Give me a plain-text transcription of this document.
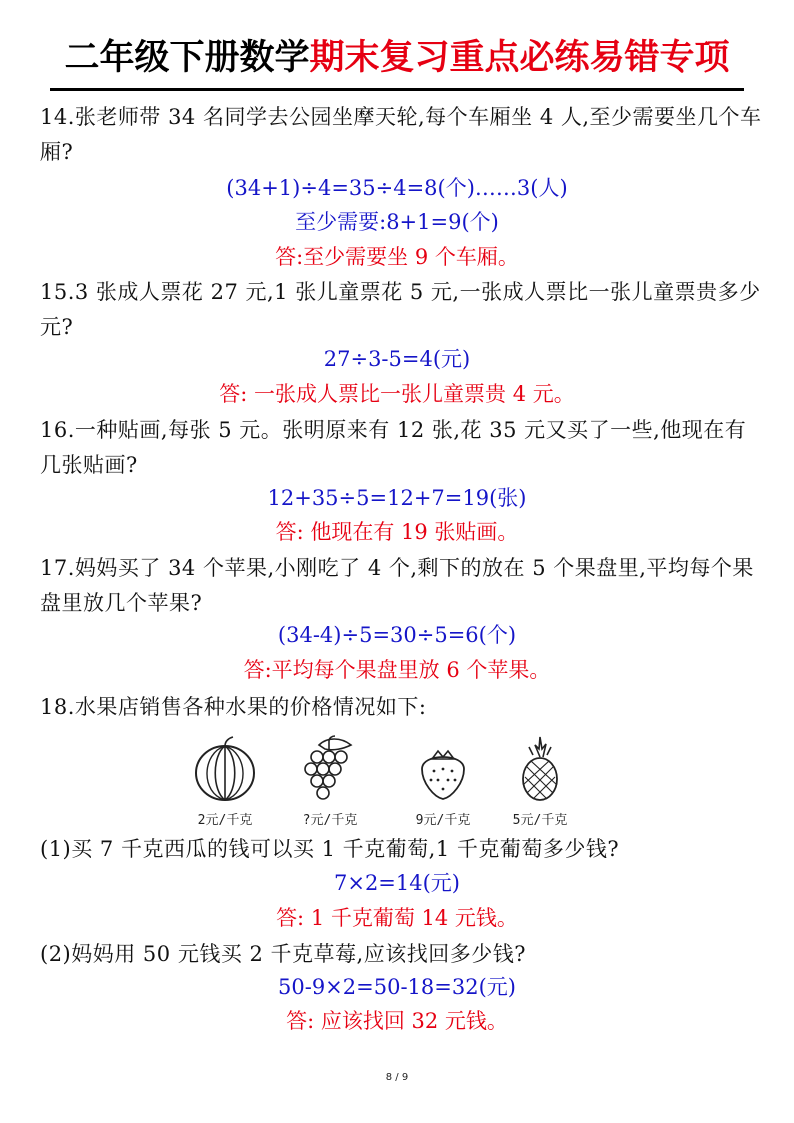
二年级下册数学期末复习重点必练易错专项
14.张老师带 34 名同学去公园坐摩天轮,每个车厢坐 4 人,至少需要坐几个车厢?
(34+1)÷4=35÷4=8(个)……3(人)
至少需要:8+1=9(个)
答:至少需要坐 9 个车厢。
15.3 张成人票花 27 元,1 张儿童票花 5 元,一张成人票比一张儿童票贵多少元?
27÷3-5=4(元)
答: 一张成人票比一张儿童票贵 4 元。
16.一种贴画,每张 5 元。张明原来有 12 张,花 35 元又买了一些,他现在有几张贴画?
12+35÷5=12+7=19(张)
答: 他现在有 19 张贴画。
17.妈妈买了 34 个苹果,小刚吃了 4 个,剩下的放在 5 个果盘里,平均每个果盘里放几个苹果?
(34-4)÷5=30÷5=6(个)
答:平均每个果盘里放 6 个苹果。
18.水果店销售各种水果的价格情况如下:
2元/千克	?元/千克	9元/千克	5元/千克
(1)买 7 千克西瓜的钱可以买 1 千克葡萄,1 千克葡萄多少钱?
7×2=14(元)
答: 1 千克葡萄 14 元钱。
(2)妈妈用 50 元钱买 2 千克草莓,应该找回多少钱?
50-9×2=50-18=32(元)
答: 应该找回 32 元钱。
8 / 9
